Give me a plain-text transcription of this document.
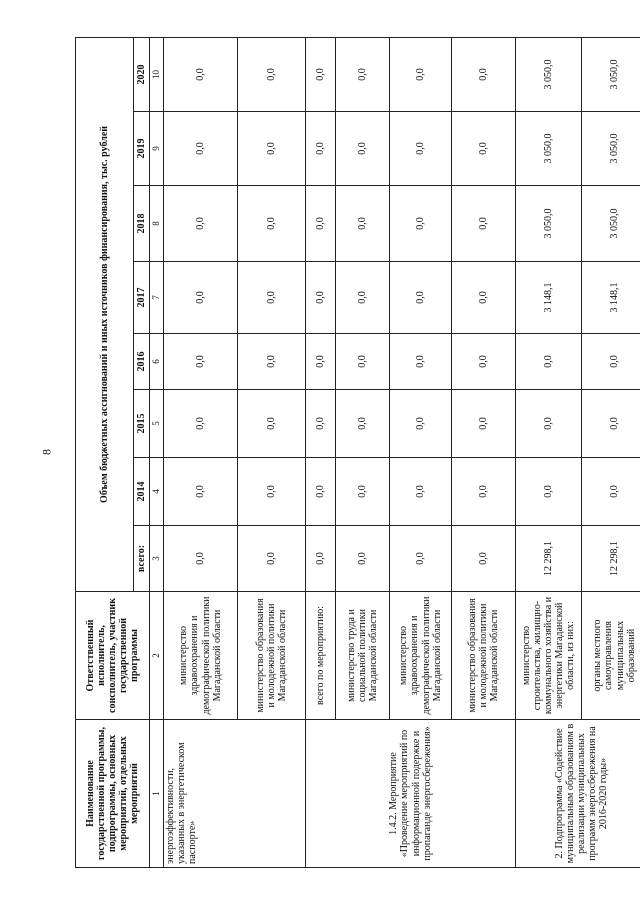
8
Наименование государственной программы, подпрограммы, основных мероприятий, отдельных мероприятий	Ответственный исполнитель, соисполнитель, участник государственной программы	Объем бюджетных ассигнований и иных источников финансирования, тыс. рублей							
		всего:	2014	2015	2016	2017	2018	2019	2020
1	2	3	4	5	6	7	8	9	10
энергоэффективности, указанных в энергетическом паспорте»	министерство здравоохранения и демографической политики Магаданской области	0,0	0,0	0,0	0,0	0,0	0,0	0,0	0,0
	министерство образования и молодежной политики Магаданской области	0,0	0,0	0,0	0,0	0,0	0,0	0,0	0,0
1.4.2. Мероприятие «Проведение мероприятий по информационной подержке и пропаганде энергосбережения»	всего по мероприятию:	0,0	0,0	0,0	0,0	0,0	0,0	0,0	0,0
	министерство труда и социальной политики Магаданской области	0,0	0,0	0,0	0,0	0,0	0,0	0,0	0,0
	министерство здравоохранения и демографической политики Магаданской области	0,0	0,0	0,0	0,0	0,0	0,0	0,0	0,0
	министерство образования и молодежной политики Магаданской области	0,0	0,0	0,0	0,0	0,0	0,0	0,0	0,0
2. Подпрограмма «Содействие муниципальным образованиям в реализации муниципальных программ энергосбережения на 2016-2020 годы»	министерство строительства, жилищно-коммунального хозяйства и энергетики Магаданской области, из них:	12 298,1	0,0	0,0	0,0	3 148,1	3 050,0	3 050,0	3 050,0
	органы местного самоуправления муниципальных образований	12 298,1	0,0	0,0	0,0	3 148,1	3 050,0	3 050,0	3 050,0
